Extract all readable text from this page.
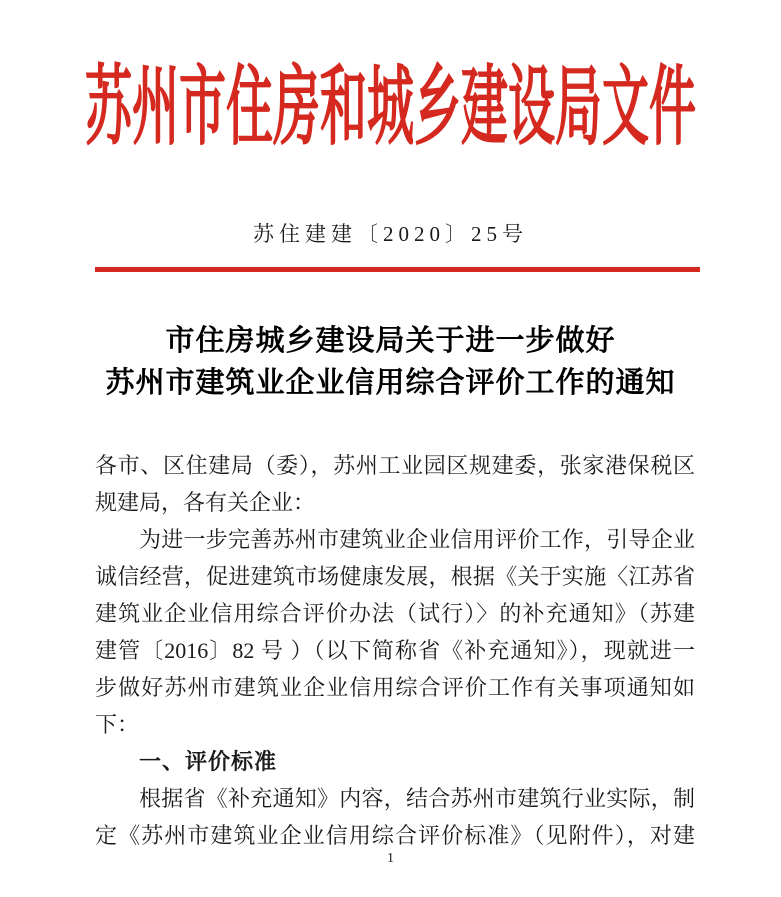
苏州市住房和城乡建设局文件
苏住建建〔2020〕25号
市住房城乡建设局关于进一步做好
苏州市建筑业企业信用综合评价工作的通知
各市、区住建局（委），苏州工业园区规建委，张家港保税区
规建局，各有关企业：
为进一步完善苏州市建筑业企业信用评价工作，引导企业
诚信经营，促进建筑市场健康发展，根据《关于实施〈江苏省
建筑业企业信用综合评价办法（试行）〉的补充通知》（苏建
建管〔2016〕82 号 ）（以下简称省《补充通知》），现就进一
步做好苏州市建筑业企业信用综合评价工作有关事项通知如
下：
一、评价标准
根据省《补充通知》内容，结合苏州市建筑行业实际，制
定《苏州市建筑业企业信用综合评价标准》（见附件），对建
1
